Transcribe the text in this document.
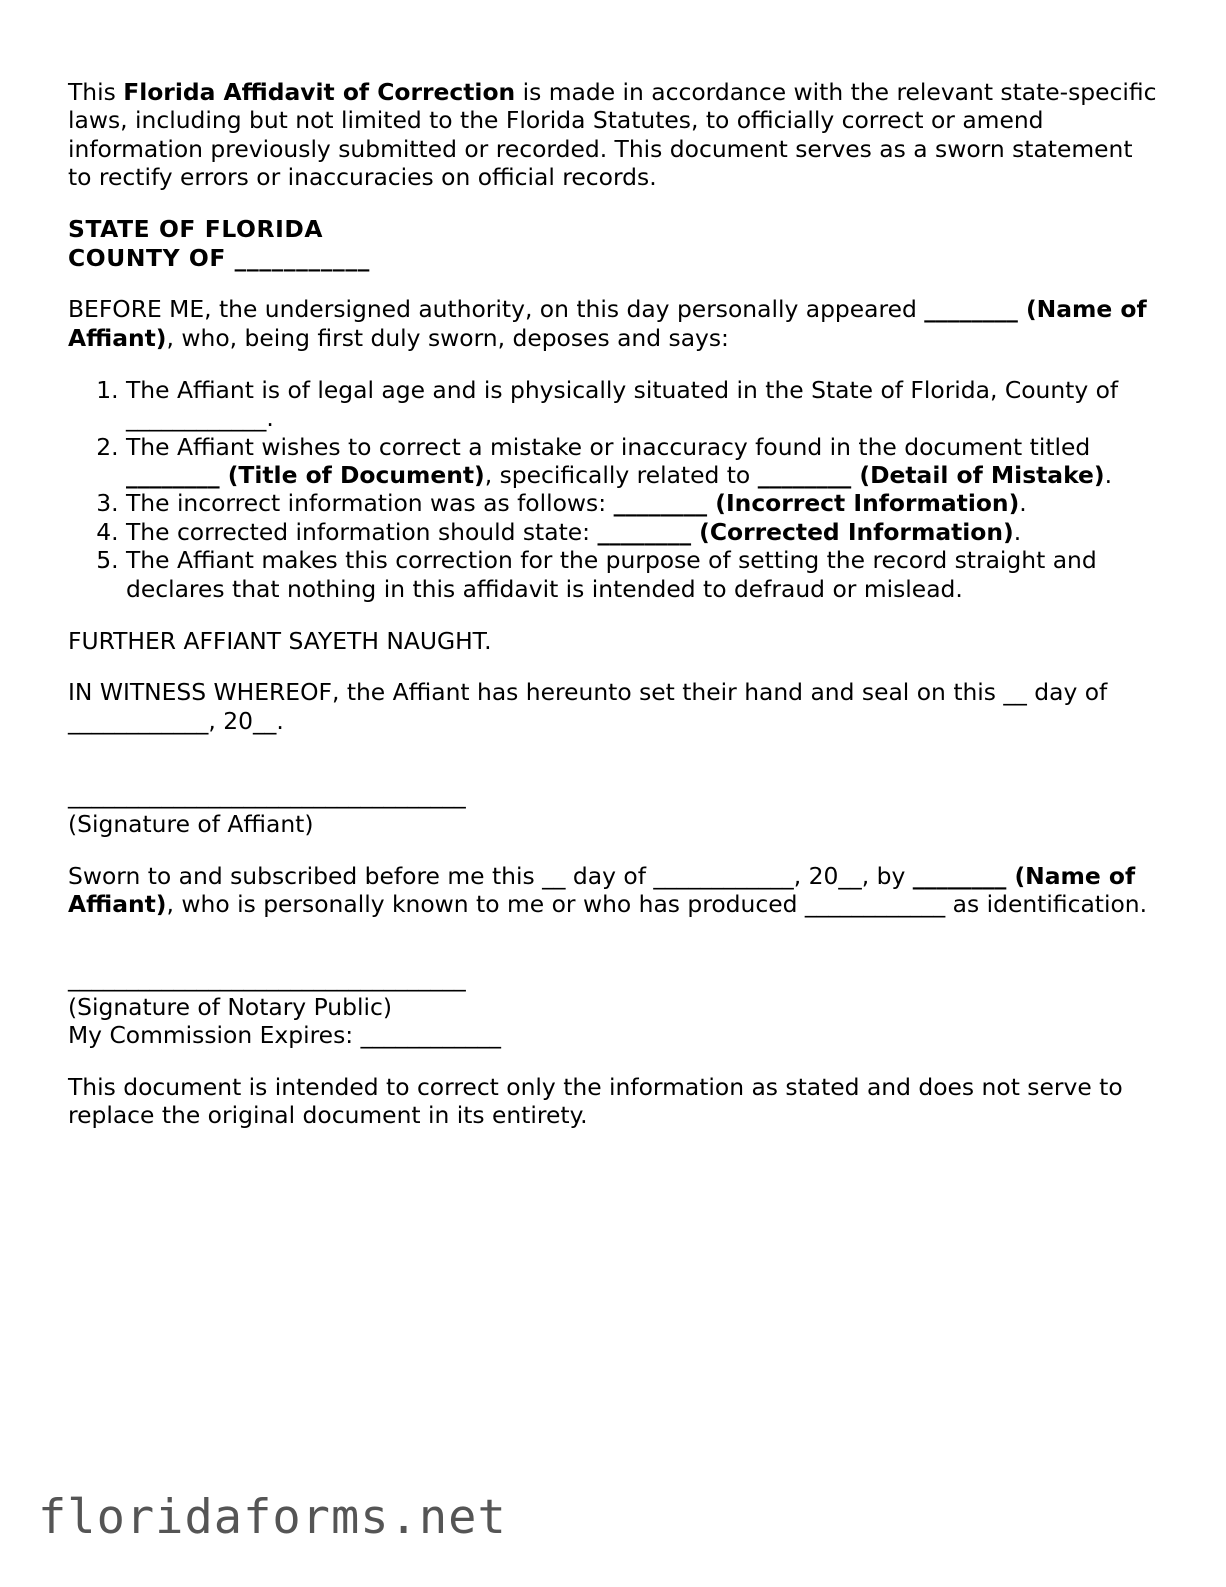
This Florida Affidavit of Correction is made in accordance with the relevant state-specific laws, including but not limited to the Florida Statutes, to officially correct or amend information previously submitted or recorded. This document serves as a sworn statement to rectify errors or inaccuracies on official records.

STATE OF FLORIDA
COUNTY OF ___________

BEFORE ME, the undersigned authority, on this day personally appeared ________ (Name of Affiant), who, being first duly sworn, deposes and says:

1. The Affiant is of legal age and is physically situated in the State of Florida, County of ____________.
2. The Affiant wishes to correct a mistake or inaccuracy found in the document titled ________ (Title of Document), specifically related to ________ (Detail of Mistake).
3. The incorrect information was as follows: ________ (Incorrect Information).
4. The corrected information should state: ________ (Corrected Information).
5. The Affiant makes this correction for the purpose of setting the record straight and declares that nothing in this affidavit is intended to defraud or mislead.

FURTHER AFFIANT SAYETH NAUGHT.

IN WITNESS WHEREOF, the Affiant has hereunto set their hand and seal on this __ day of ____________, 20__.

__________________________________
(Signature of Affiant)

Sworn to and subscribed before me this __ day of ____________, 20__, by ________ (Name of Affiant), who is personally known to me or who has produced ____________ as identification.

__________________________________
(Signature of Notary Public)
My Commission Expires: ____________

This document is intended to correct only the information as stated and does not serve to replace the original document in its entirety.

floridaforms.net
